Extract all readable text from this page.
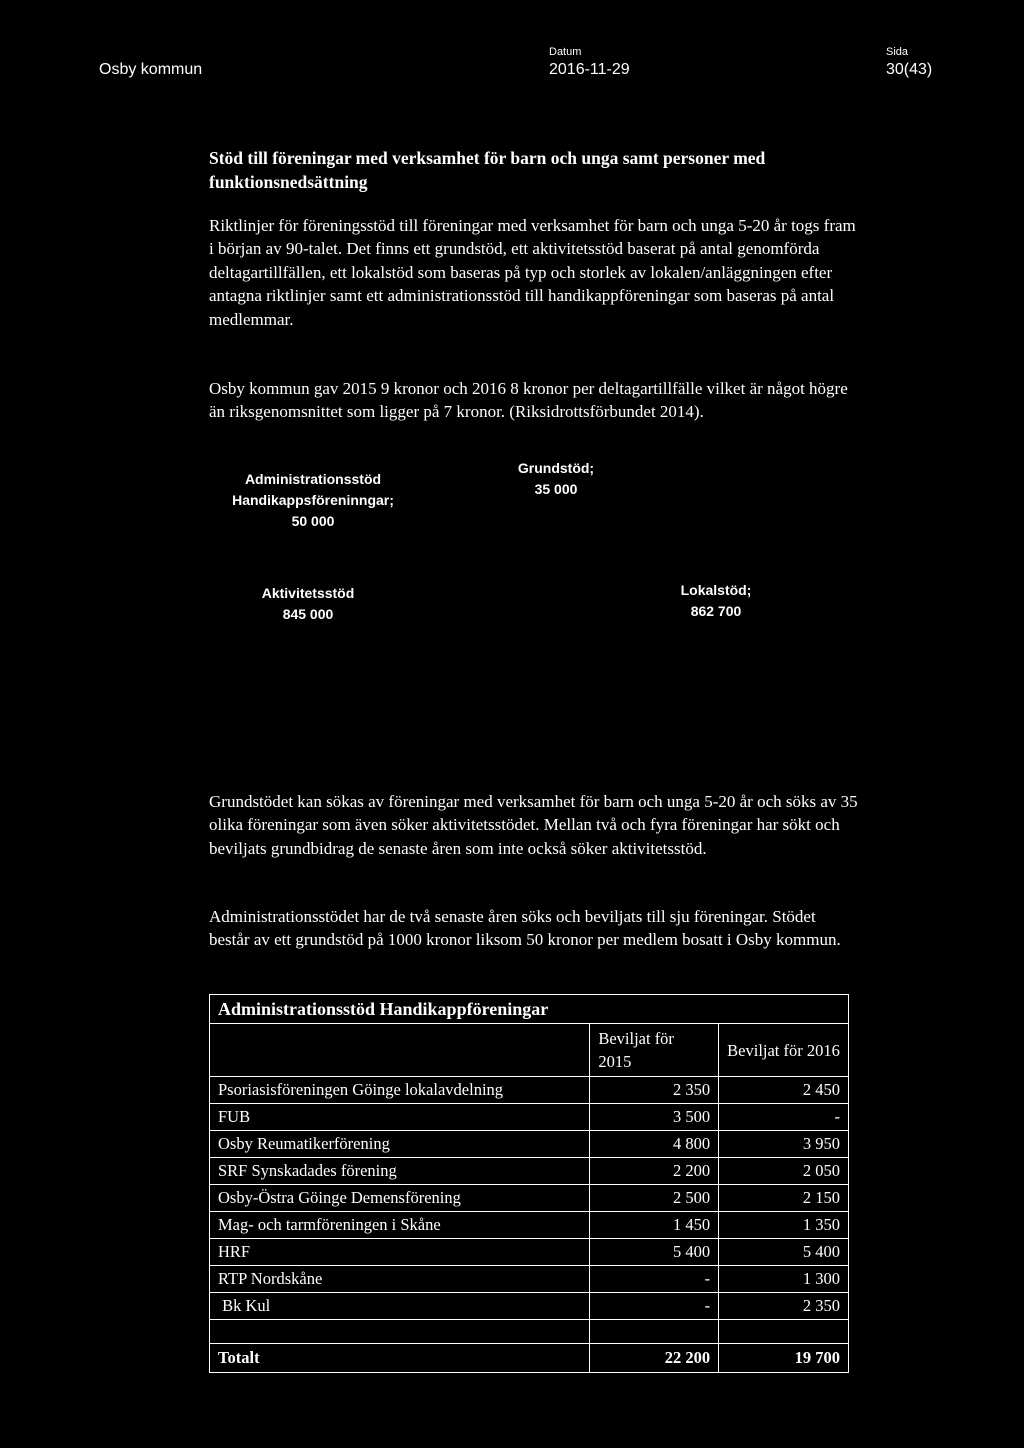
Osby kommun
Datum
2016-11-29
Sida
30(43)
Stöd till föreningar med verksamhet för barn och unga samt personer med funktionsnedsättning

Riktlinjer för föreningsstöd till föreningar med verksamhet för barn och unga 5-20 år togs fram i början av 90-talet. Det finns ett grundstöd, ett aktivitetsstöd baserat på antal genomförda deltagartillfällen, ett lokalstöd som baseras på typ och storlek av lokalen/anläggningen efter antagna riktlinjer samt ett administrationsstöd till handikappföreningar som baseras på antal medlemmar.

Osby kommun gav 2015 9 kronor och 2016 8 kronor per deltagartillfälle vilket är något högre än riksgenomsnittet som ligger på 7 kronor. (Riksidrottsförbundet 2014).

Administrationsstöd
Handikappsföreninngar;
50 000
Grundstöd;
35 000
Aktivitetsstöd
845 000
Lokalstöd;
862 700

Grundstödet kan sökas av föreningar med verksamhet för barn och unga 5-20 år och söks av 35 olika föreningar som även söker aktivitetsstödet. Mellan två och fyra föreningar har sökt och beviljats grundbidrag de senaste åren som inte också söker aktivitetsstöd.

Administrationsstödet har de två senaste åren söks och beviljats till sju föreningar. Stödet består av ett grundstöd på 1000 kronor liksom 50 kronor per medlem bosatt i Osby kommun.

Administrationsstöd Handikappföreningar		
	Beviljat för 2015	Beviljat för 2016
Psoriasisföreningen Göinge lokalavdelning	2 350	2 450
FUB	3 500	-
Osby Reumatikerförening	4 800	3 950
SRF Synskadades förening	2 200	2 050
Osby-Östra Göinge Demensförening	2 500	2 150
Mag- och tarmföreningen i Skåne	1 450	1 350
HRF	5 400	5 400
RTP Nordskåne	-	1 300
Bk Kul	-	2 350

Totalt	22 200	19 700
